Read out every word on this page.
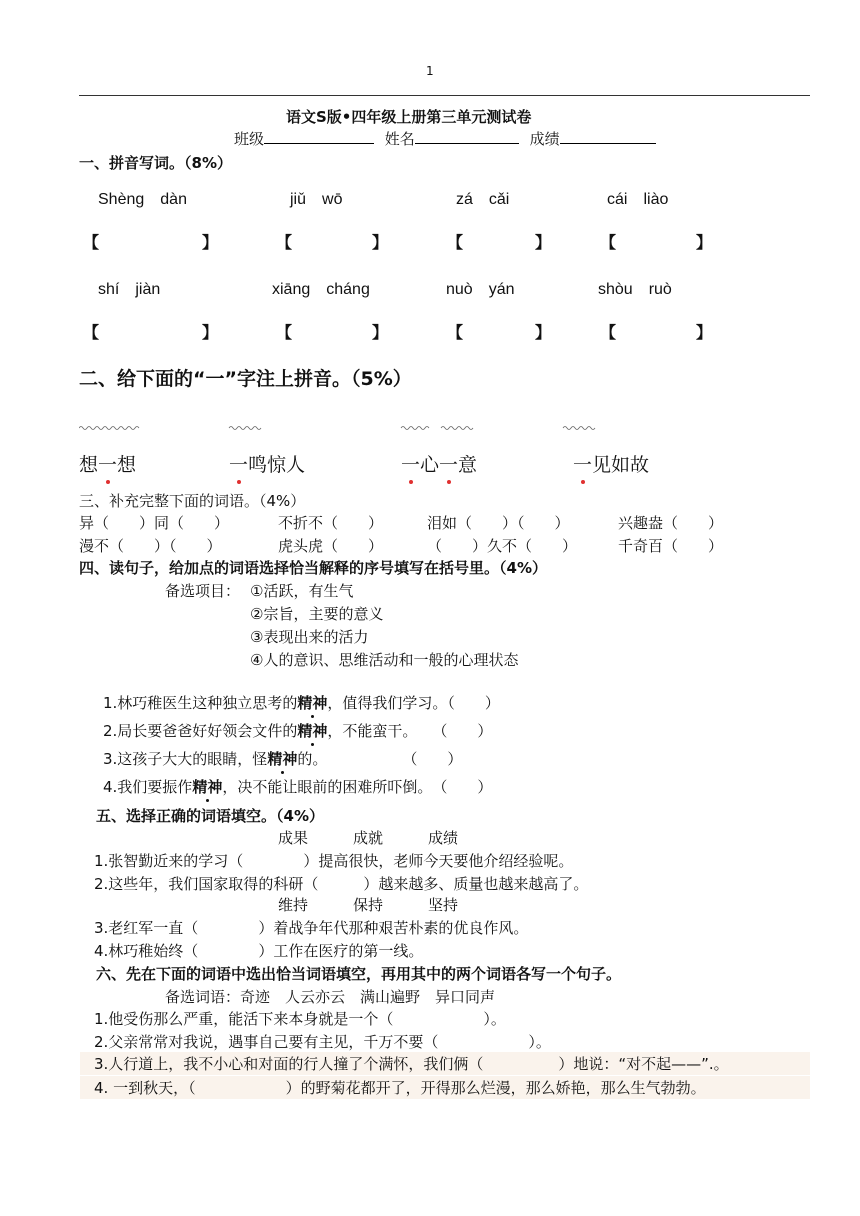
1
语文S版•四年级上册第三单元测试卷
班级	姓名	成绩
一、拼音写词。（8%）
Shèng　dàn	jiǔ　wō	zá　cǎi	cái　liào
【	】	【	】	【	】	【	】
shí　jiàn	xiāng　cháng	nuò　yán	shòu　ruò
【	】	【	】	【	】	【	】
二、给下面的“一”字注上拼音。（5%）
想一想	一鸣惊人	一心一意	一见如故
三、补充完整下面的词语。（4%）
异（　　）同（　　）	不折不（　　）	泪如（　　）（　　）	兴趣盎（　　）
漫不（　　）（　　）	虎头虎（　　）	（　　）久不（　　）	千奇百（　　）
四、读句子，给加点的词语选择恰当解释的序号填写在括号里。（4%）
备选项目： ①活跃，有生气
②宗旨，主要的意义
③表现出来的活力
④人的意识、思维活动和一般的心理状态
1.林巧稚医生这种独立思考的精神，值得我们学习。（　　）
2.局长要爸爸好好领会文件的精神，不能蛮干。　　（　　）
3.这孩子大大的眼睛，怪精神的。　　　　　　（　　）
4.我们要振作精神，决不能让眼前的困难所吓倒。　（　　）
五、选择正确的词语填空。（4%）
成果　　　成就　　　成绩
1.张智勤近来的学习（　　　　）提高很快，老师今天要他介绍经验呢。
2.这些年，我们国家取得的科研（　　　）越来越多、质量也越来越高了。
维持　　　保持　　　坚持
3.老红军一直（　　　　）着战争年代那种艰苦朴素的优良作风。
4.林巧稚始终（　　　　）工作在医疗的第一线。
六、先在下面的词语中选出恰当词语填空，再用其中的两个词语各写一个句子。
备选词语：奇迹　人云亦云　满山遍野　异口同声
1.他受伤那么严重，能活下来本身就是一个（　　　　　　）。
2.父亲常常对我说，遇事自己要有主见，千万不要（　　　　　　）。
3.人行道上，我不小心和对面的行人撞了个满怀，我们俩（　　　　　）地说：“对不起——”.。
4. 一到秋天，（　　　　　　）的野菊花都开了，开得那么烂漫，那么娇艳，那么生气勃勃。
